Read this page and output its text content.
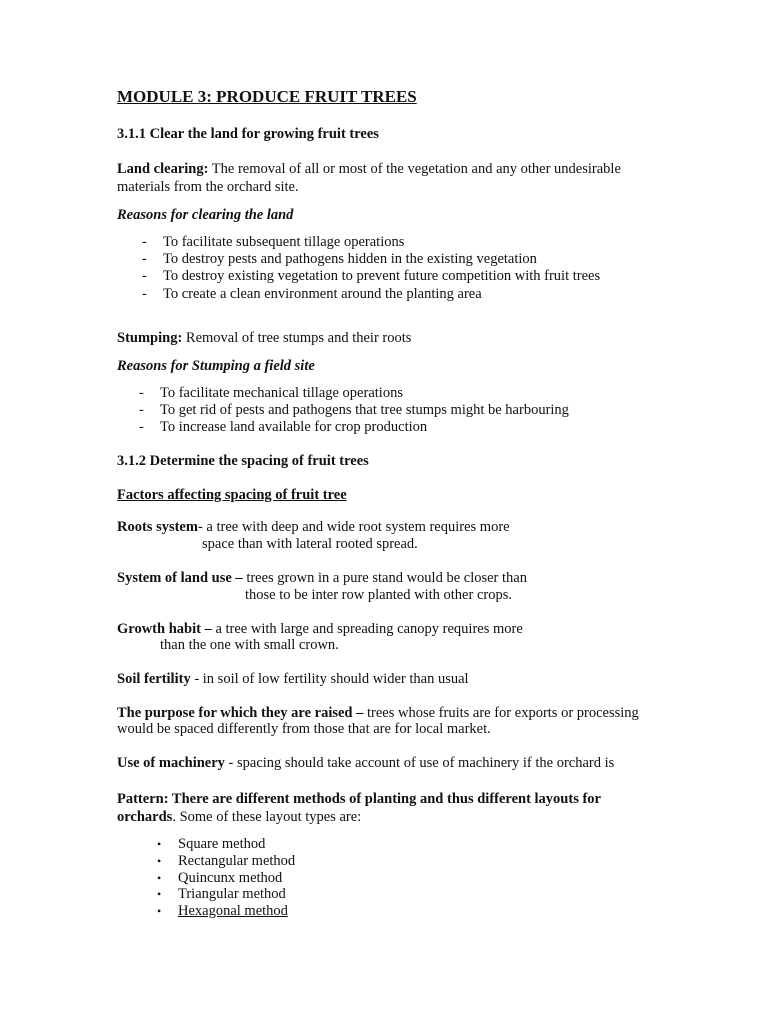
MODULE 3: PRODUCE FRUIT TREES
3.1.1 Clear the land for growing fruit trees
Land clearing: The removal of all or most of the vegetation and any other undesirable
materials from the orchard site.
Reasons for clearing the land
- To facilitate subsequent tillage operations
- To destroy pests and pathogens hidden in the existing vegetation
- To destroy existing vegetation to prevent future competition with fruit trees
- To create a clean environment around the planting area
Stumping: Removal of tree stumps and their roots
Reasons for Stumping a field site
- To facilitate mechanical tillage operations
- To get rid of pests and pathogens that tree stumps might be harbouring
- To increase land available for crop production
3.1.2 Determine the spacing of fruit trees
Factors affecting spacing of fruit tree
Roots system- a tree with deep and wide root system requires more
space than with lateral rooted spread.
System of land use – trees grown in a pure stand would be closer than
those to be inter row planted with other crops.
Growth habit – a tree with large and spreading canopy requires more
than the one with small crown.
Soil fertility - in soil of low fertility should wider than usual
The purpose for which they are raised – trees whose fruits are for exports or processing
would be spaced differently from those that are for local market.
Use of machinery - spacing should take account of use of machinery if the orchard is
Pattern: There are different methods of planting and thus different layouts for
orchards. Some of these layout types are:
• Square method
• Rectangular method
• Quincunx method
• Triangular method
• Hexagonal method
